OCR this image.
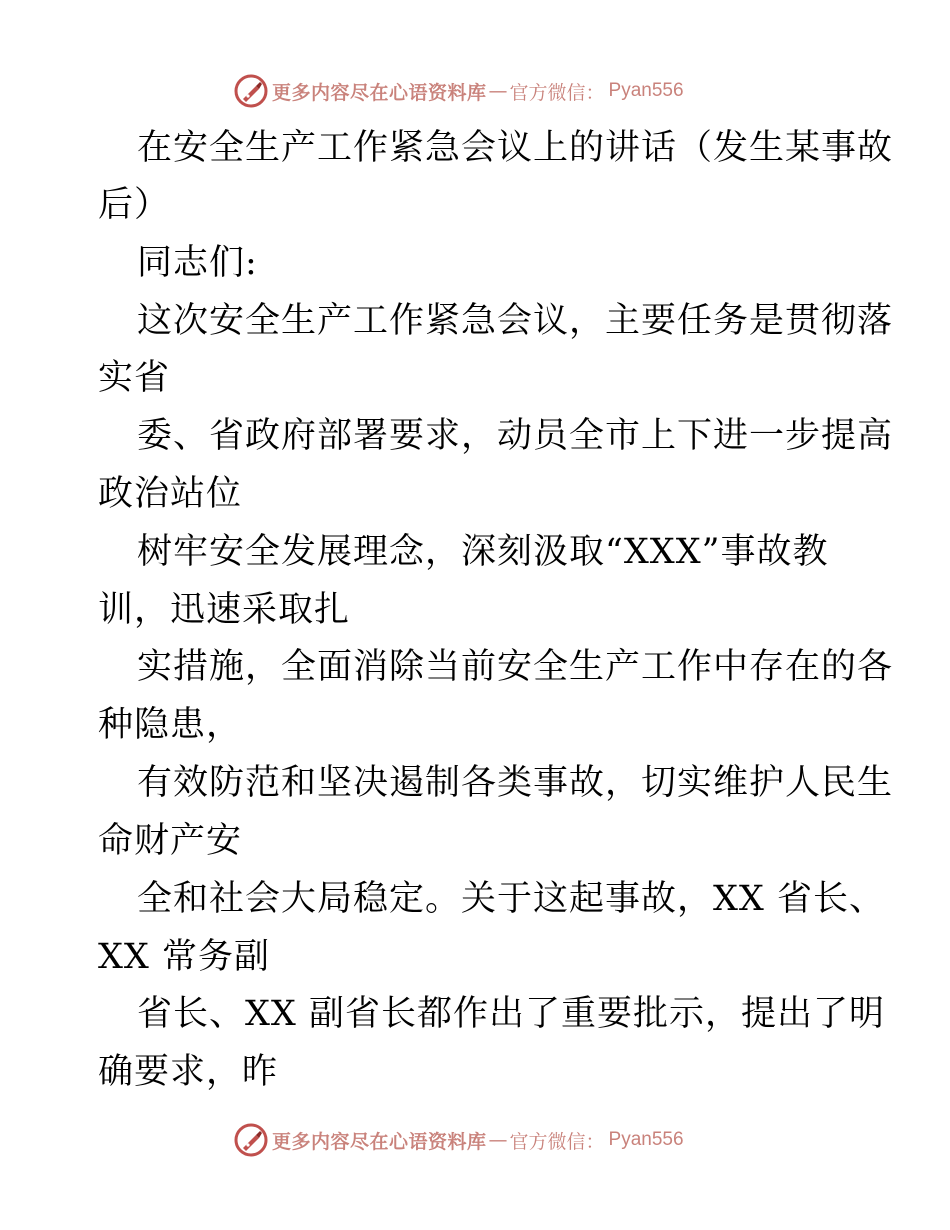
更多内容尽在心语资料库 — 官方微信： Pyan556
在安全生产工作紧急会议上的讲话（发生某事故
后）
同志们:
这次安全生产工作紧急会议，主要任务是贯彻落
实省
委、省政府部署要求，动员全市上下进一步提高
政治站位
树牢安全发展理念，深刻汲取“XXX”事故教
训，迅速采取扎
实措施，全面消除当前安全生产工作中存在的各
种隐患，
有效防范和坚决遏制各类事故，切实维护人民生
命财产安
全和社会大局稳定。关于这起事故，XX 省长、
XX 常务副
省长、XX 副省长都作出了重要批示，提出了明
确要求，昨
更多内容尽在心语资料库 — 官方微信： Pyan556
